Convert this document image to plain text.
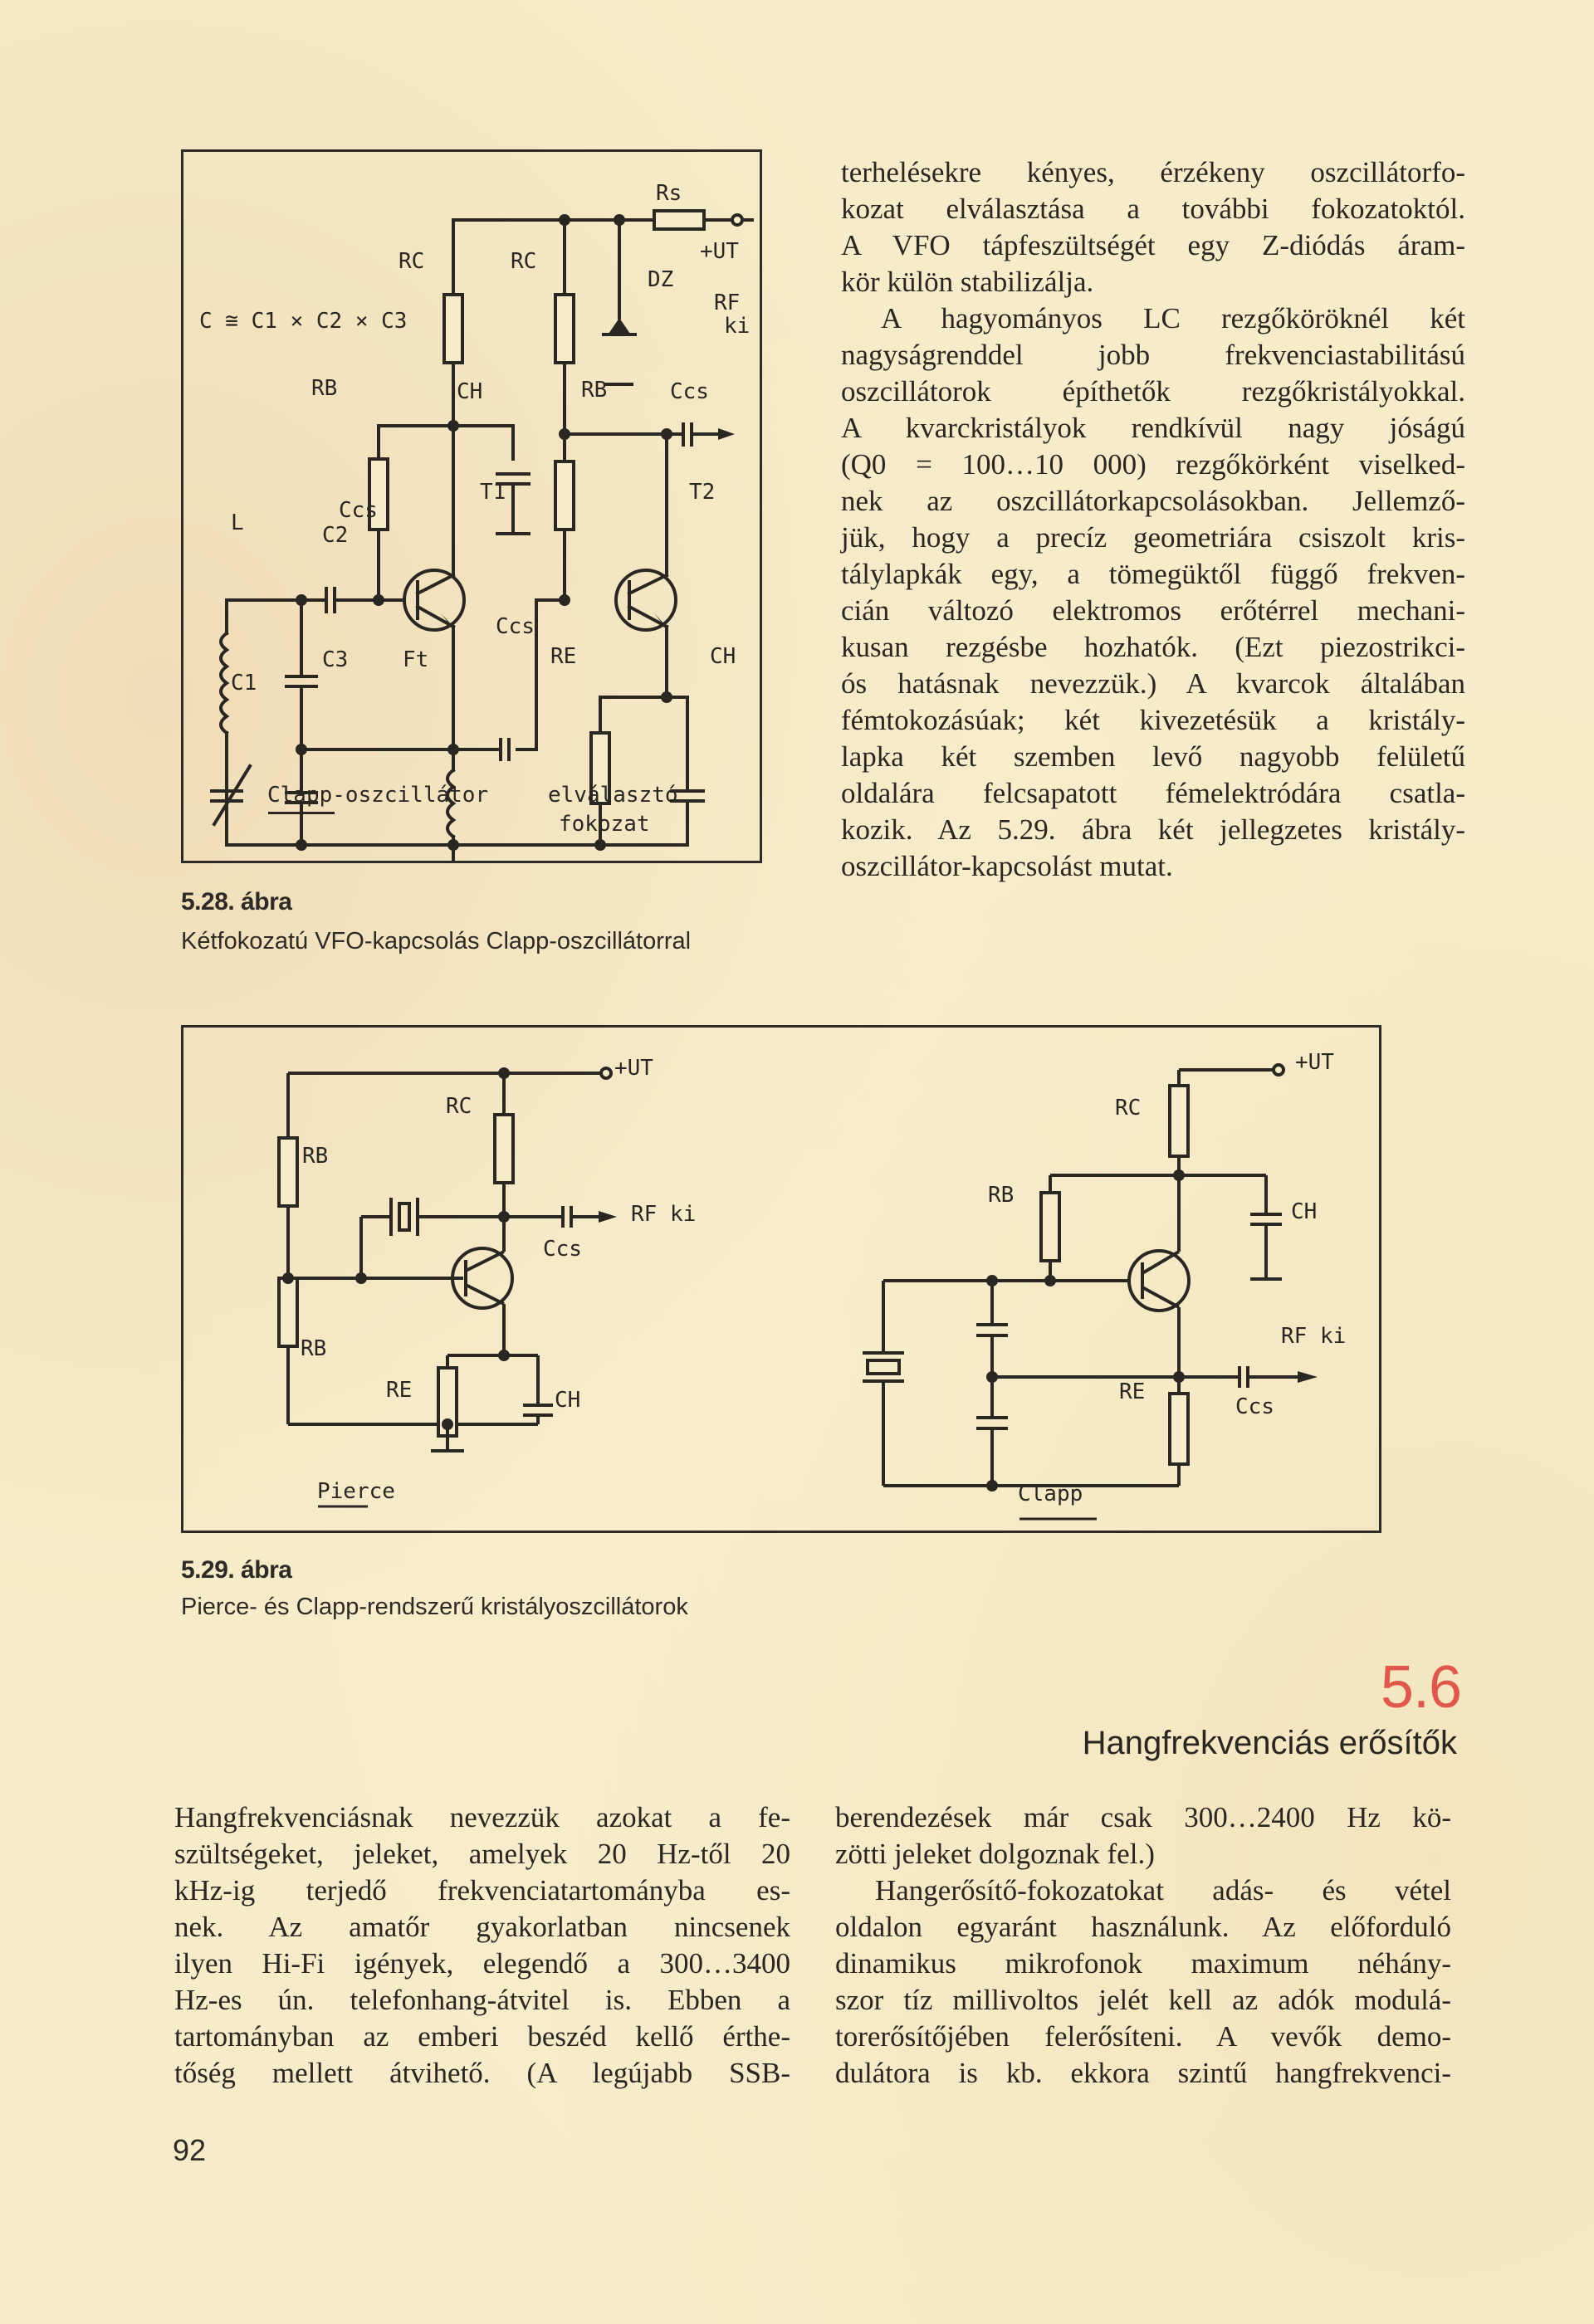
C ≅ C1 × C2 × C3
Rs
+UT
RC	RC
DZ
RF
ki
RB	CH	RB	Ccs
T1	T2
L	C2
Ccs
C1
C3	Ft
Ccs
RE	CH
Clapp-oszcillátor	elválasztó
fokozat
5.28. ábra
Kétfokozatú VFO-kapcsolás Clapp-oszcillátorral
terhelésekre kényes, érzékeny oszcillátorfo-
kozat elválasztása a további fokozatoktól.
A VFO tápfeszültségét egy Z-diódás áram-
kör külön stabilizálja.
A hagyományos LC rezgőköröknél két
nagyságrenddel jobb frekvenciastabilitású
oszcillátorok építhetők rezgőkristályokkal.
A kvarckristályok rendkívül nagy jóságú
(Q0 = 100…10 000) rezgőkörként viselked-
nek az oszcillátorkapcsolásokban. Jellemző-
jük, hogy a precíz geometriára csiszolt kris-
tálylapkák egy, a tömegüktől függő frekven-
cián változó elektromos erőtérrel mechani-
kusan rezgésbe hozhatók. (Ezt piezostrikci-
ós hatásnak nevezzük.) A kvarcok általában
fémtokozásúak; két kivezetésük a kristály-
lapka két szemben levő nagyobb felületű
oldalára felcsapatott fémelektródára csatla-
kozik. Az 5.29. ábra két jellegzetes kristály-
oszcillátor-kapcsolást mutat.
+UT
RC
RB
RF ki
Ccs
RB
RE	CH
Pierce
+UT
RC
RB
CH
RF ki
RE
Ccs
Clapp
5.29. ábra
Pierce- és Clapp-rendszerű kristályoszcillátorok
5.6
Hangfrekvenciás erősítők
Hangfrekvenciásnak nevezzük azokat a fe-
szültségeket, jeleket, amelyek 20 Hz-től 20
kHz-ig terjedő frekvenciatartományba es-
nek. Az amatőr gyakorlatban nincsenek
ilyen Hi-Fi igények, elegendő a 300…3400
Hz-es ún. telefonhang-átvitel is. Ebben a
tartományban az emberi beszéd kellő érthe-
tőség mellett átvihető. (A legújabb SSB-
berendezések már csak 300…2400 Hz kö-
zötti jeleket dolgoznak fel.)
Hangerősítő-fokozatokat adás- és vétel
oldalon egyaránt használunk. Az előforduló
dinamikus mikrofonok maximum néhány-
szor tíz millivoltos jelét kell az adók modulá-
torerősítőjében felerősíteni. A vevők demo-
dulátora is kb. ekkora szintű hangfrekvenci-
92
